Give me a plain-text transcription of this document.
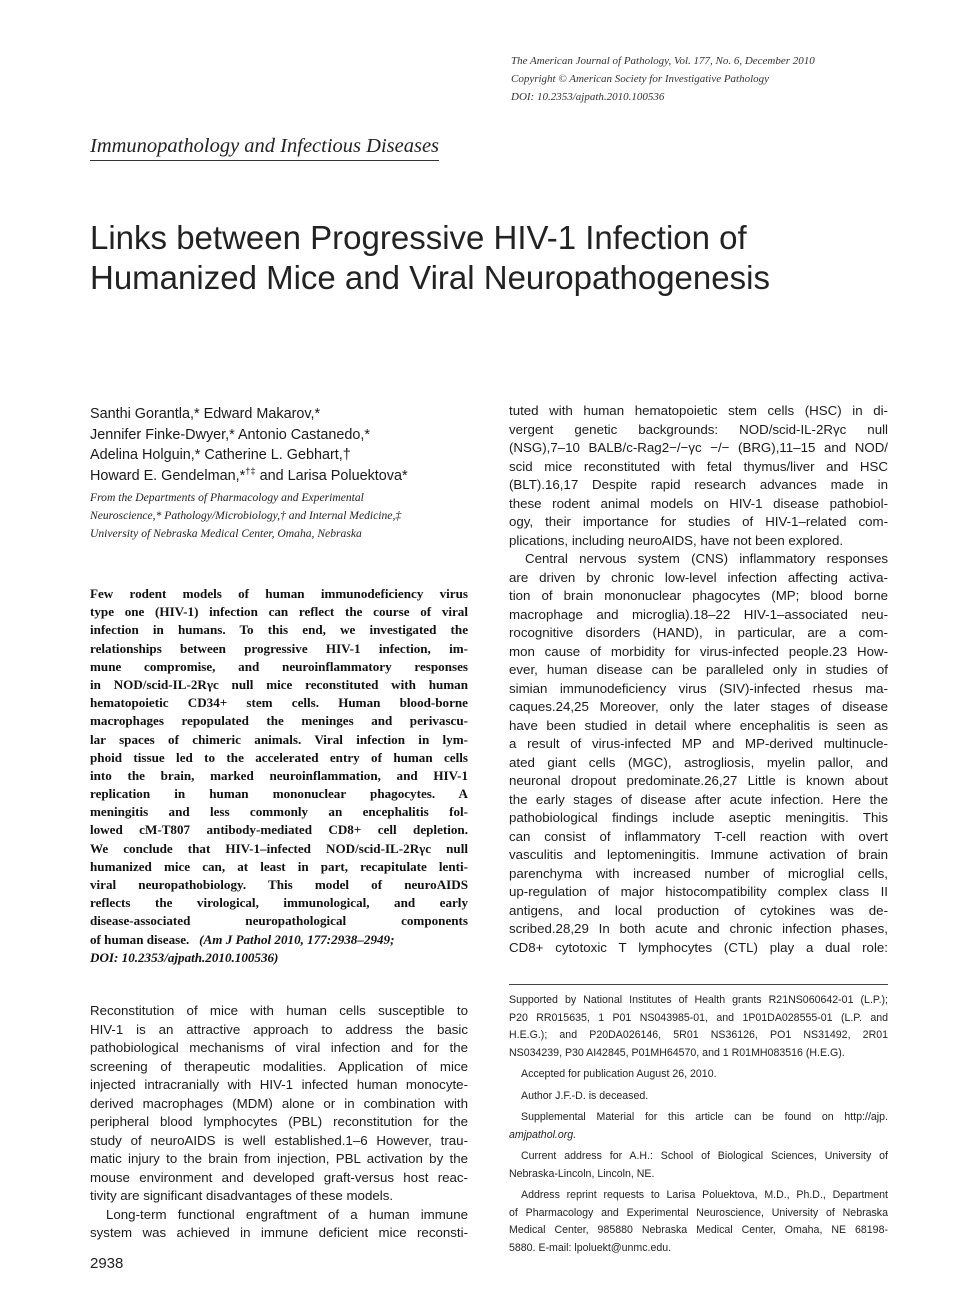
The American Journal of Pathology, Vol. 177, No. 6, December 2010
Copyright © American Society for Investigative Pathology
DOI: 10.2353/ajpath.2010.100536
Immunopathology and Infectious Diseases
Links between Progressive HIV-1 Infection of
Humanized Mice and Viral Neuropathogenesis
Santhi Gorantla,* Edward Makarov,*
Jennifer Finke-Dwyer,* Antonio Castanedo,*
Adelina Holguin,* Catherine L. Gebhart,†
Howard E. Gendelman,*†‡ and Larisa Poluektova*
From the Departments of Pharmacology and Experimental
Neuroscience,* Pathology/Microbiology,† and Internal Medicine,‡
University of Nebraska Medical Center, Omaha, Nebraska
Few rodent models of human immunodeficiency virus
type one (HIV-1) infection can reflect the course of viral
infection in humans. To this end, we investigated the
relationships between progressive HIV-1 infection, im-
mune compromise, and neuroinflammatory responses
in NOD/scid-IL-2Rγc null mice reconstituted with human
hematopoietic CD34+ stem cells. Human blood-borne
macrophages repopulated the meninges and perivascu-
lar spaces of chimeric animals. Viral infection in lym-
phoid tissue led to the accelerated entry of human cells
into the brain, marked neuroinflammation, and HIV-1
replication in human mononuclear phagocytes. A
meningitis and less commonly an encephalitis fol-
lowed cM-T807 antibody-mediated CD8+ cell depletion.
We conclude that HIV-1–infected NOD/scid-IL-2Rγc null
humanized mice can, at least in part, recapitulate lenti-
viral neuropathobiology. This model of neuroAIDS
reflects the virological, immunological, and early
disease-associated neuropathological components
of human disease. (Am J Pathol 2010, 177:2938–2949;
DOI: 10.2353/ajpath.2010.100536)
Reconstitution of mice with human cells susceptible to
HIV-1 is an attractive approach to address the basic
pathobiological mechanisms of viral infection and for the
screening of therapeutic modalities. Application of mice
injected intracranially with HIV-1 infected human monocyte-
derived macrophages (MDM) alone or in combination with
peripheral blood lymphocytes (PBL) reconstitution for the
study of neuroAIDS is well established.1–6 However, trau-
matic injury to the brain from injection, PBL activation by the
mouse environment and developed graft-versus host reac-
tivity are significant disadvantages of these models.
Long-term functional engraftment of a human immune
system was achieved in immune deficient mice reconsti-
tuted with human hematopoietic stem cells (HSC) in di-
vergent genetic backgrounds: NOD/scid-IL-2Rγc null
(NSG),7–10 BALB/c-Rag2−/−γc −/− (BRG),11–15 and NOD/
scid mice reconstituted with fetal thymus/liver and HSC
(BLT).16,17 Despite rapid research advances made in
these rodent animal models on HIV-1 disease pathobiol-
ogy, their importance for studies of HIV-1–related com-
plications, including neuroAIDS, have not been explored.
Central nervous system (CNS) inflammatory responses
are driven by chronic low-level infection affecting activa-
tion of brain mononuclear phagocytes (MP; blood borne
macrophage and microglia).18–22 HIV-1–associated neu-
rocognitive disorders (HAND), in particular, are a com-
mon cause of morbidity for virus-infected people.23 How-
ever, human disease can be paralleled only in studies of
simian immunodeficiency virus (SIV)-infected rhesus ma-
caques.24,25 Moreover, only the later stages of disease
have been studied in detail where encephalitis is seen as
a result of virus-infected MP and MP-derived multinucle-
ated giant cells (MGC), astrogliosis, myelin pallor, and
neuronal dropout predominate.26,27 Little is known about
the early stages of disease after acute infection. Here the
pathobiological findings include aseptic meningitis. This
can consist of inflammatory T-cell reaction with overt
vasculitis and leptomeningitis. Immune activation of brain
parenchyma with increased number of microglial cells,
up-regulation of major histocompatibility complex class II
antigens, and local production of cytokines was de-
scribed.28,29 In both acute and chronic infection phases,
CD8+ cytotoxic T lymphocytes (CTL) play a dual role:
Supported by National Institutes of Health grants R21NS060642-01 (L.P.);
P20 RR015635, 1 P01 NS043985-01, and 1P01DA028555-01 (L.P. and
H.E.G.); and P20DA026146, 5R01 NS36126, PO1 NS31492, 2R01
NS034239, P30 AI42845, P01MH64570, and 1 R01MH083516 (H.E.G).
Accepted for publication August 26, 2010.
Author J.F.-D. is deceased.
Supplemental Material for this article can be found on http://ajp.
amjpathol.org.
Current address for A.H.: School of Biological Sciences, University of
Nebraska-Lincoln, Lincoln, NE.
Address reprint requests to Larisa Poluektova, M.D., Ph.D., Department
of Pharmacology and Experimental Neuroscience, University of Nebraska
Medical Center, 985880 Nebraska Medical Center, Omaha, NE 68198-
5880. E-mail: lpoluekt@unmc.edu.
2938
